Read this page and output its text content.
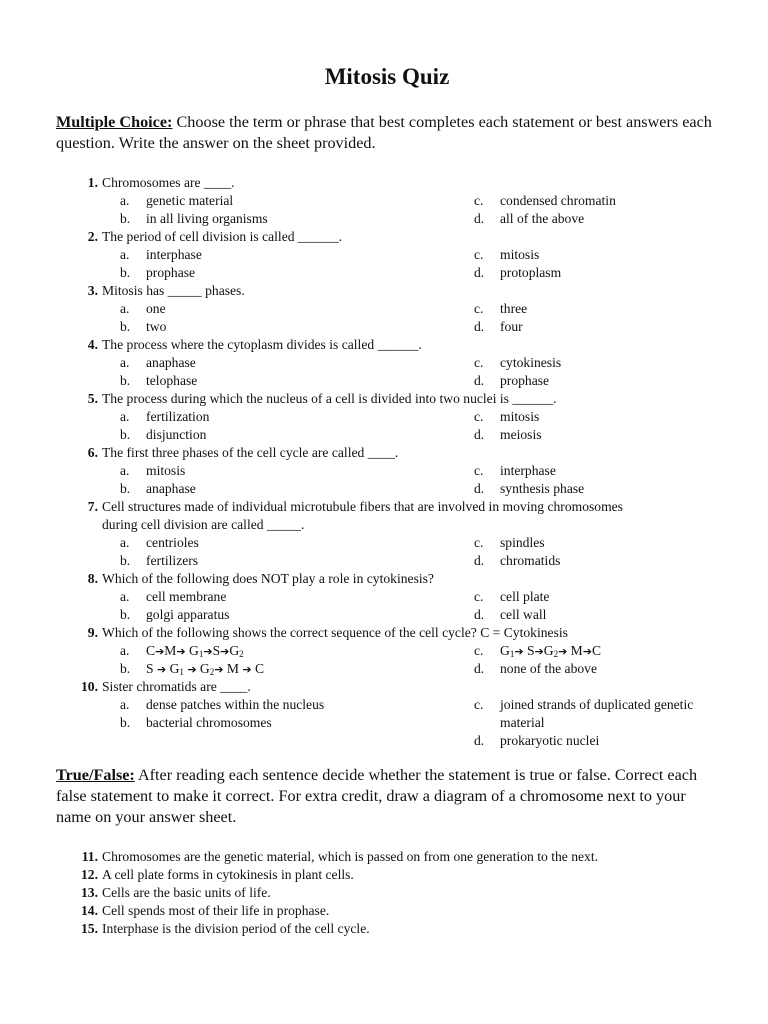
Mitosis Quiz
Multiple Choice: Choose the term or phrase that best completes each statement or best answers each question. Write the answer on the sheet provided.
1. Chromosomes are ____.
a. genetic material	c. condensed chromatin
b. in all living organisms	d. all of the above
2. The period of cell division is called ______.
a. interphase	c. mitosis
b. prophase	d. protoplasm
3. Mitosis has _____ phases.
a. one	c. three
b. two	d. four
4. The process where the cytoplasm divides is called ______.
a. anaphase	c. cytokinesis
b. telophase	d. prophase
5. The process during which the nucleus of a cell is divided into two nuclei is ______.
a. fertilization	c. mitosis
b. disjunction	d. meiosis
6. The first three phases of the cell cycle are called ____.
a. mitosis	c. interphase
b. anaphase	d. synthesis phase
7. Cell structures made of individual microtubule fibers that are involved in moving chromosomes
during cell division are called _____.
a. centrioles	c. spindles
b. fertilizers	d. chromatids
8. Which of the following does NOT play a role in cytokinesis?
a. cell membrane	c. cell plate
b. golgi apparatus	d. cell wall
9. Which of the following shows the correct sequence of the cell cycle? C = Cytokinesis
a. C➔M➔ $G_1➔S➔G_2$	c. $G_1➔$ $S➔G_2➔$ M➔C
b. S ➔ $G_1$ ➔ $G_2➔$ M ➔ C	d. none of the above
10. Sister chromatids are ____.
a. dense patches within the nucleus	c. joined strands of duplicated genetic
b. bacterial chromosomes	material
d. prokaryotic nuclei
True/False: After reading each sentence decide whether the statement is true or false. Correct each false statement to make it correct. For extra credit, draw a diagram of a chromosome next to your name on your answer sheet.
11. Chromosomes are the genetic material, which is passed on from one generation to the next.
12. A cell plate forms in cytokinesis in plant cells.
13. Cells are the basic units of life.
14. Cell spends most of their life in prophase.
15. Interphase is the division period of the cell cycle.
